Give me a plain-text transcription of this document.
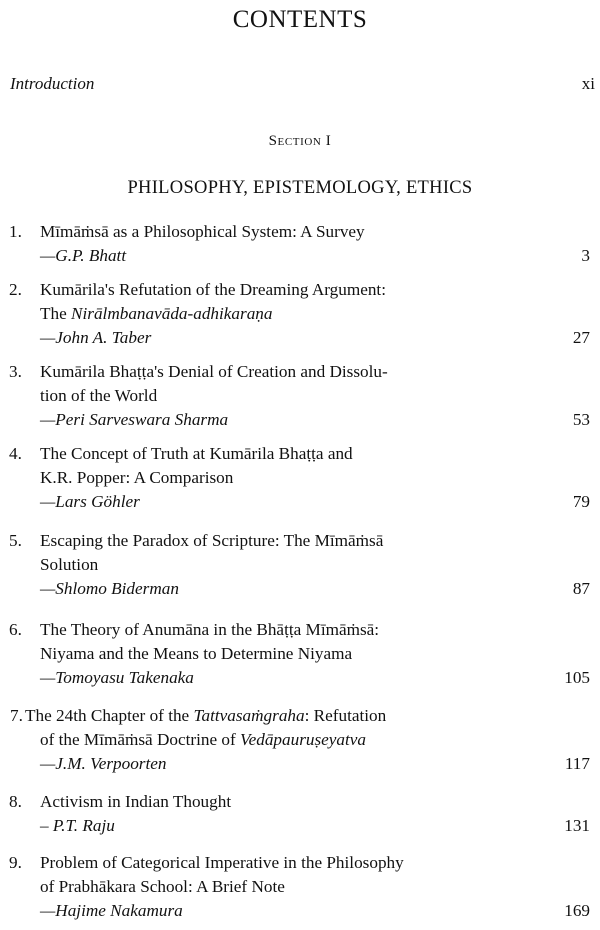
CONTENTS
Introduction	xi
Section I
PHILOSOPHY, EPISTEMOLOGY, ETHICS
1.	Mīmāṁsā as a Philosophical System: A Survey
—G.P. Bhatt	3
2.	Kumārila's Refutation of the Dreaming Argument:
The Nirālmbanavāda-adhikaraṇa
—John A. Taber	27
3.	Kumārila Bhaṭṭa's Denial of Creation and Dissolu-
tion of the World
—Peri Sarveswara Sharma	53
4.	The Concept of Truth at Kumārila Bhaṭṭa and
K.R. Popper: A Comparison
—Lars Göhler	79
5.	Escaping the Paradox of Scripture: The Mīmāṁsā
Solution
—Shlomo Biderman	87
6.	The Theory of Anumāna in the Bhāṭṭa Mīmāṁsā:
Niyama and the Means to Determine Niyama
—Tomoyasu Takenaka	105
7. The 24th Chapter of the Tattvasaṁgraha: Refutation
of the Mīmāṁsā Doctrine of Vedāpauruṣeyatva
—J.M. Verpoorten	117
8.	Activism in Indian Thought
– P.T. Raju	131
9.	Problem of Categorical Imperative in the Philosophy
of Prabhākara School: A Brief Note
—Hajime Nakamura	169
